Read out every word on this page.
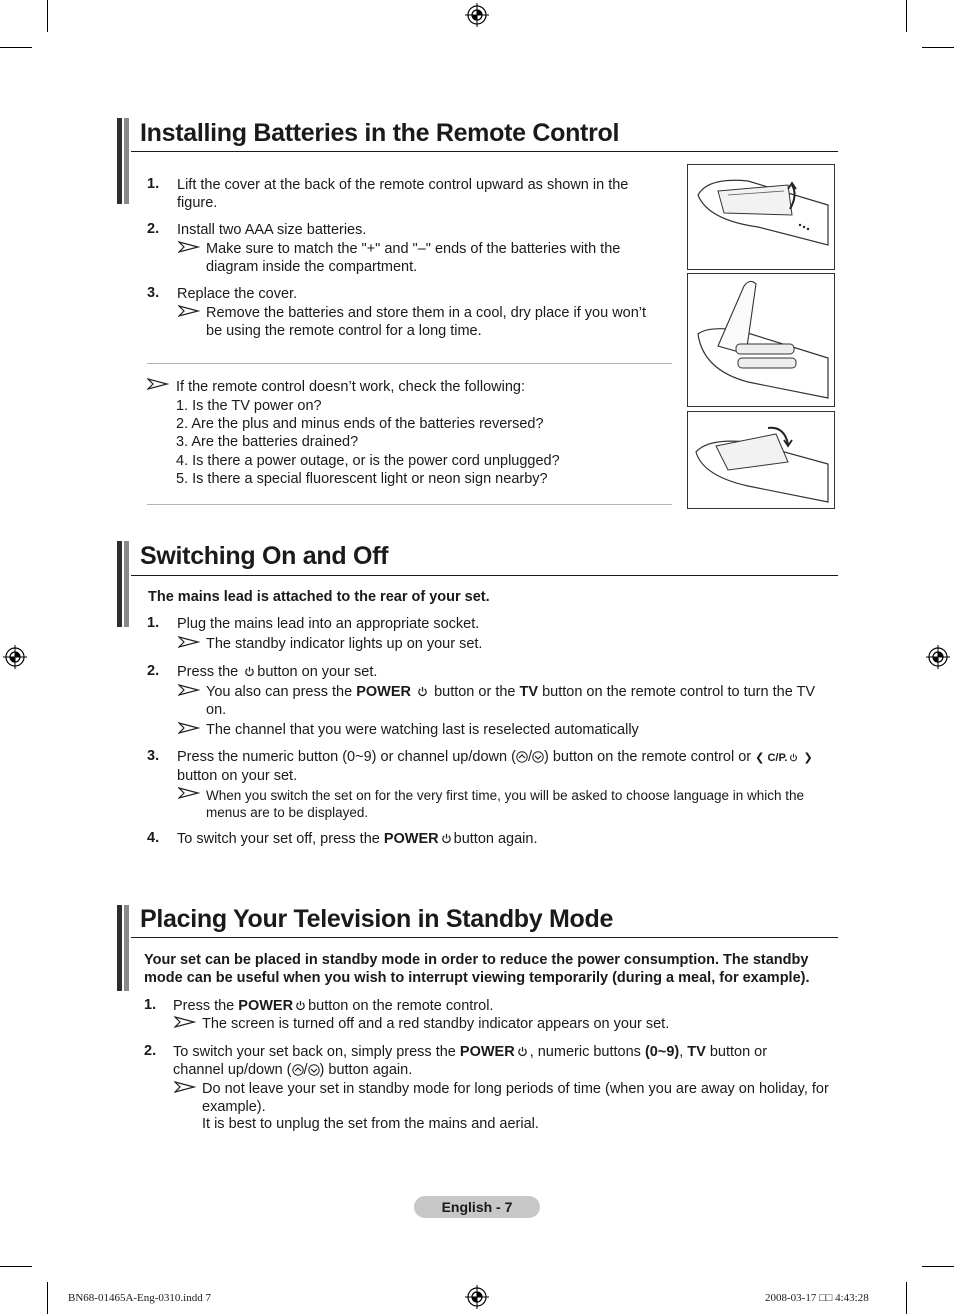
Installing Batteries in the Remote Control
1. Lift the cover at the back of the remote control upward as shown in the figure.
2. Install two AAA size batteries.
Make sure to match the "+" and "–" ends of the batteries with the diagram inside the compartment.
3. Replace the cover.
Remove the batteries and store them in a cool, dry place if you won’t be using the remote control for a long time.
If the remote control doesn’t work, check the following:
1. Is the TV power on?
2. Are the plus and minus ends of the batteries reversed?
3. Are the batteries drained?
4. Is there a power outage, or is the power cord unplugged?
5. Is there a special fluorescent light or neon sign nearby?
Switching On and Off
The mains lead is attached to the rear of your set.
1. Plug the mains lead into an appropriate socket.
The standby indicator lights up on your set.
2. Press the button on your set.
You also can press the POWER button or the TV button on the remote control to turn the TV on.
The channel that you were watching last is reselected automatically
3. Press the numeric button (0~9) or channel up/down ( / ) button on the remote control or ❮ C/P. ❯ button on your set.
When you switch the set on for the very first time, you will be asked to choose language in which the menus are to be displayed.
4. To switch your set off, press the POWER button again.
Placing Your Television in Standby Mode
Your set can be placed in standby mode in order to reduce the power consumption. The standby mode can be useful when you wish to interrupt viewing temporarily (during a meal, for example).
1. Press the POWER button on the remote control.
The screen is turned off and a red standby indicator appears on your set.
2. To switch your set back on, simply press the POWER , numeric buttons (0~9), TV button or channel up/down ( / ) button again.
Do not leave your set in standby mode for long periods of time (when you are away on holiday, for example).
It is best to unplug the set from the mains and aerial.
English - 7
BN68-01465A-Eng-0310.indd 7	2008-03-17 □□ 4:43:28
